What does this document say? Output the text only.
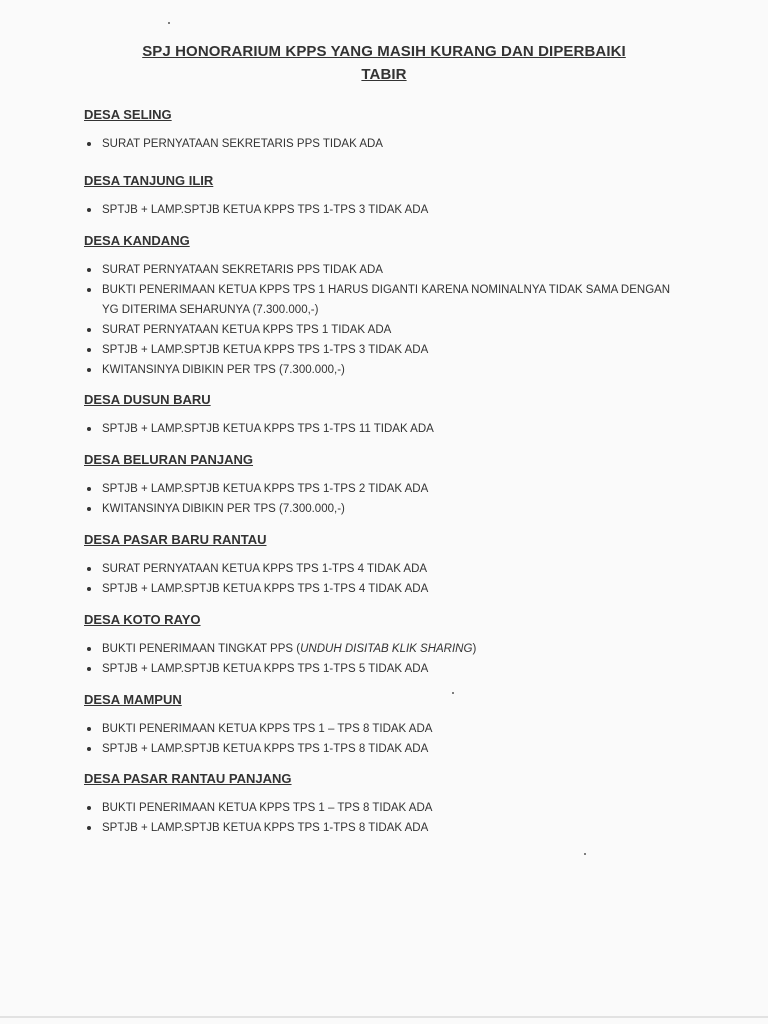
SPJ HONORARIUM KPPS YANG MASIH KURANG DAN DIPERBAIKI
TABIR
DESA SELING
SURAT PERNYATAAN SEKRETARIS PPS TIDAK ADA
DESA TANJUNG ILIR
SPTJB + LAMP.SPTJB KETUA KPPS TPS 1-TPS 3 TIDAK ADA
DESA KANDANG
SURAT PERNYATAAN SEKRETARIS PPS TIDAK ADA
BUKTI PENERIMAAN KETUA KPPS TPS 1 HARUS DIGANTI KARENA NOMINALNYA TIDAK SAMA DENGAN YG DITERIMA SEHARUNYA (7.300.000,-)
SURAT PERNYATAAN KETUA KPPS TPS 1 TIDAK ADA
SPTJB + LAMP.SPTJB KETUA KPPS TPS 1-TPS 3 TIDAK ADA
KWITANSINYA DIBIKIN PER TPS (7.300.000,-)
DESA DUSUN BARU
SPTJB + LAMP.SPTJB KETUA KPPS TPS 1-TPS 11 TIDAK ADA
DESA BELURAN PANJANG
SPTJB + LAMP.SPTJB KETUA KPPS TPS 1-TPS 2 TIDAK ADA
KWITANSINYA DIBIKIN PER TPS (7.300.000,-)
DESA PASAR BARU RANTAU
SURAT PERNYATAAN KETUA KPPS TPS 1-TPS 4 TIDAK ADA
SPTJB + LAMP.SPTJB KETUA KPPS TPS 1-TPS 4 TIDAK ADA
DESA KOTO RAYO
BUKTI PENERIMAAN TINGKAT PPS (UNDUH DISITAB KLIK SHARING)
SPTJB + LAMP.SPTJB KETUA KPPS TPS 1-TPS 5 TIDAK ADA
DESA MAMPUN
BUKTI PENERIMAAN KETUA KPPS TPS 1 – TPS 8 TIDAK ADA
SPTJB + LAMP.SPTJB KETUA KPPS TPS 1-TPS 8 TIDAK ADA
DESA PASAR RANTAU PANJANG
BUKTI PENERIMAAN KETUA KPPS TPS 1 – TPS 8 TIDAK ADA
SPTJB + LAMP.SPTJB KETUA KPPS TPS 1-TPS 8 TIDAK ADA
